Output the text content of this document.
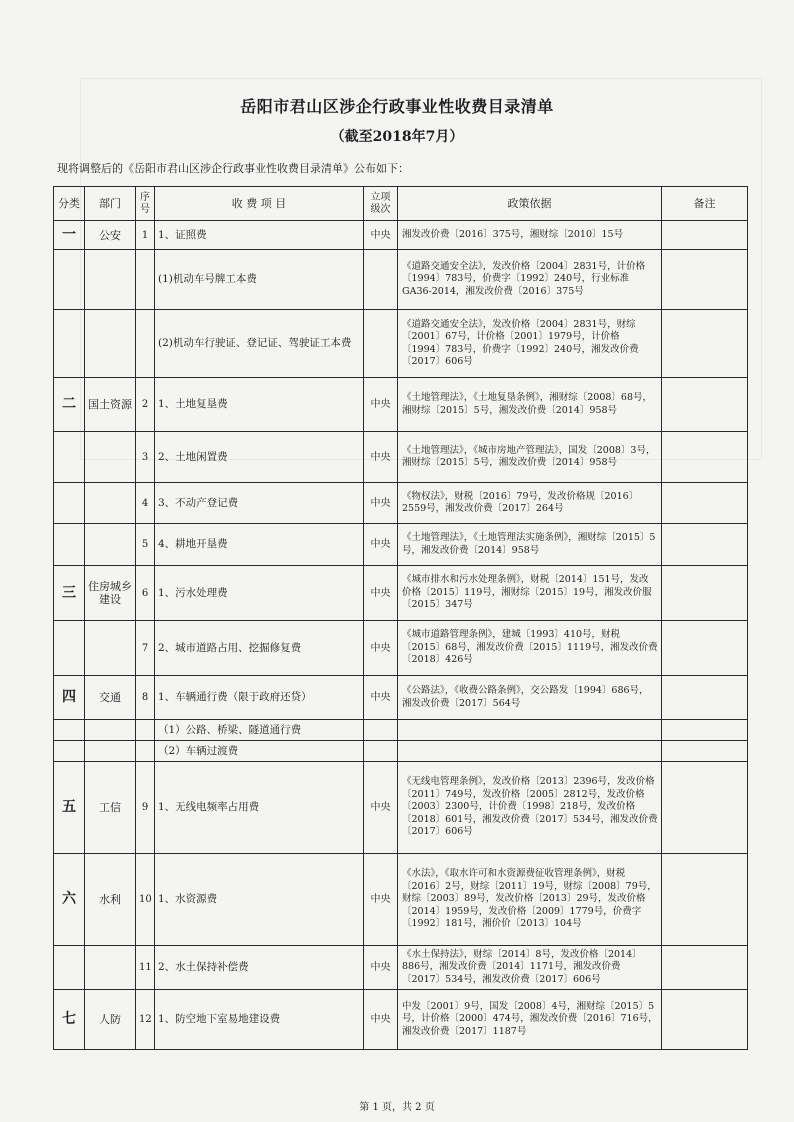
岳阳市君山区涉企行政事业性收费目录清单
（截至2018年7月）
现将调整后的《岳阳市君山区涉企行政事业性收费目录清单》公布如下：
分类	部门	序号	收 费 项 目	立项级次	政策依据	备注
一	公安	1	1、证照费	中央	湘发改价费〔2016〕375号，湘财综〔2010〕15号	
			(1)机动车号牌工本费		《道路交通安全法》，发改价格〔2004〕2831号，计价格〔1994〕783号，价费字〔1992〕240号，行业标准GA36-2014，湘发改价费〔2016〕375号	
			(2)机动车行驶证、登记证、驾驶证工本费		《道路交通安全法》，发改价格〔2004〕2831号，财综〔2001〕67号，计价格〔2001〕1979号，计价格〔1994〕783号，价费字〔1992〕240号，湘发改价费〔2017〕606号	
二	国土资源	2	1、土地复垦费	中央	《土地管理法》，《土地复垦条例》，湘财综〔2008〕68号，湘财综〔2015〕5号，湘发改价费〔2014〕958号	
		3	2、土地闲置费	中央	《土地管理法》，《城市房地产管理法》，国发〔2008〕3号，湘财综〔2015〕5号，湘发改价费〔2014〕958号	
		4	3、不动产登记费	中央	《物权法》，财税〔2016〕79号，发改价格规〔2016〕2559号，湘发改价费〔2017〕264号	
		5	4、耕地开垦费	中央	《土地管理法》，《土地管理法实施条例》，湘财综〔2015〕5号，湘发改价费〔2014〕958号	
三	住房城乡建设	6	1、污水处理费	中央	《城市排水和污水处理条例》，财税〔2014〕151号，发改价格〔2015〕119号，湘财综〔2015〕19号，湘发改价服〔2015〕347号	
		7	2、城市道路占用、挖掘修复费	中央	《城市道路管理条例》，建城〔1993〕410号，财税〔2015〕68号，湘发改价费〔2015〕1119号，湘发改价费〔2018〕426号	
四	交通	8	1、车辆通行费（限于政府还贷）	中央	《公路法》，《收费公路条例》，交公路发〔1994〕686号，湘发改价费〔2017〕564号	
			（1）公路、桥梁、隧道通行费			
			（2）车辆过渡费			
五	工信	9	1、无线电频率占用费	中央	《无线电管理条例》，发改价格〔2013〕2396号，发改价格〔2011〕749号，发改价格〔2005〕2812号，发改价格〔2003〕2300号，计价费〔1998〕218号，发改价格〔2018〕601号，湘发改价费〔2017〕534号，湘发改价费〔2017〕606号	
六	水利	10	1、水资源费	中央	《水法》，《取水许可和水资源费征收管理条例》，财税〔2016〕2号，财综〔2011〕19号，财综〔2008〕79号，财综〔2003〕89号，发改价格〔2013〕29号，发改价格〔2014〕1959号，发改价格〔2009〕1779号，价费字〔1992〕181号，湘价价〔2013〕104号	
		11	2、水土保持补偿费	中央	《水土保持法》，财综〔2014〕8号，发改价格〔2014〕886号，湘发改价费〔2014〕1171号，湘发改价费〔2017〕534号，湘发改价费〔2017〕606号	
七	人防	12	1、防空地下室易地建设费	中央	中发〔2001〕9号，国发〔2008〕4号，湘财综〔2015〕5号，计价格〔2000〕474号，湘发改价费〔2016〕716号，湘发改价费〔2017〕1187号	
第 1 页，共 2 页
